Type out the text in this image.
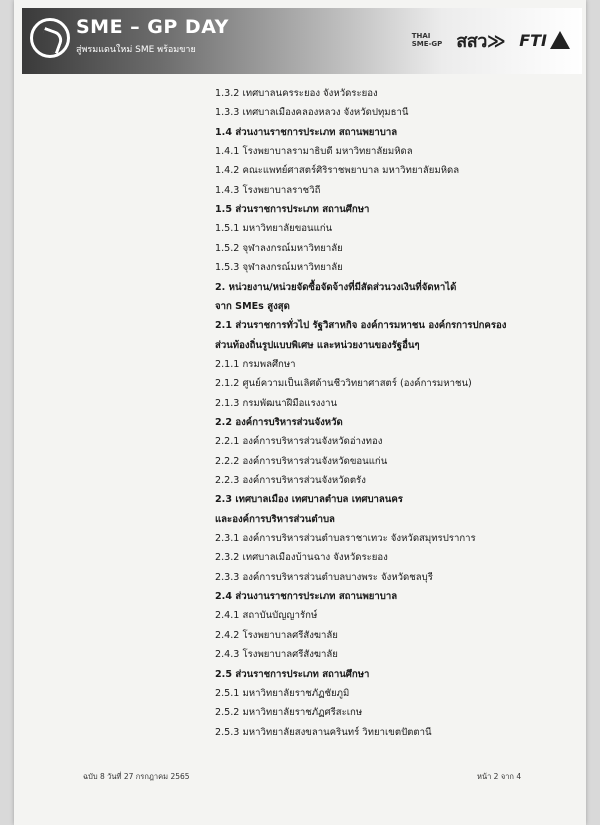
SME – GP DAY
สู่พรมแดนใหม่ SME พร้อมขาย
THAI
SME-GP สสว≫ FTI
1.3.2 เทศบาลนครระยอง จังหวัดระยอง
1.3.3 เทศบาลเมืองคลองหลวง จังหวัดปทุมธานี
1.4 ส่วนงานราชการประเภท สถานพยาบาล
1.4.1 โรงพยาบาลรามาธิบดี มหาวิทยาลัยมหิดล
1.4.2 คณะแพทย์ศาสตร์ศิริราชพยาบาล มหาวิทยาลัยมหิดล
1.4.3 โรงพยาบาลราชวิถี
1.5 ส่วนราชการประเภท สถานศึกษา
1.5.1 มหาวิทยาลัยขอนแก่น
1.5.2 จุฬาลงกรณ์มหาวิทยาลัย
1.5.3 จุฬาลงกรณ์มหาวิทยาลัย
2. หน่วยงาน/หน่วยจัดซื้อจัดจ้างที่มีสัดส่วนวงเงินที่จัดหาได้
จาก SMEs สูงสุด
2.1 ส่วนราชการทั่วไป รัฐวิสาหกิจ องค์การมหาชน องค์กรการปกครอง
ส่วนท้องถิ่นรูปแบบพิเศษ และหน่วยงานของรัฐอื่นๆ
2.1.1 กรมพลศึกษา
2.1.2 ศูนย์ความเป็นเลิศด้านชีววิทยาศาสตร์ (องค์การมหาชน)
2.1.3 กรมพัฒนาฝีมือแรงงาน
2.2 องค์การบริหารส่วนจังหวัด
2.2.1 องค์การบริหารส่วนจังหวัดอ่างทอง
2.2.2 องค์การบริหารส่วนจังหวัดขอนแก่น
2.2.3 องค์การบริหารส่วนจังหวัดตรัง
2.3 เทศบาลเมือง เทศบาลตำบล เทศบาลนคร
และองค์การบริหารส่วนตำบล
2.3.1 องค์การบริหารส่วนตำบลราชาเทวะ จังหวัดสมุทรปราการ
2.3.2 เทศบาลเมืองบ้านฉาง จังหวัดระยอง
2.3.3 องค์การบริหารส่วนตำบลบางพระ จังหวัดชลบุรี
2.4 ส่วนงานราชการประเภท สถานพยาบาล
2.4.1 สถาบันบัญญารักษ์
2.4.2 โรงพยาบาลศรีสังฆาลัย
2.4.3 โรงพยาบาลศรีสังฆาลัย
2.5 ส่วนราชการประเภท สถานศึกษา
2.5.1 มหาวิทยาลัยราชภัฏชัยภูมิ
2.5.2 มหาวิทยาลัยราชภัฏศรีสะเกษ
2.5.3 มหาวิทยาลัยสงขลานครินทร์ วิทยาเขตปัตตานี
ฉบับ 8 วันที่ 27 กรกฎาคม 2565	หน้า 2 จาก 4
